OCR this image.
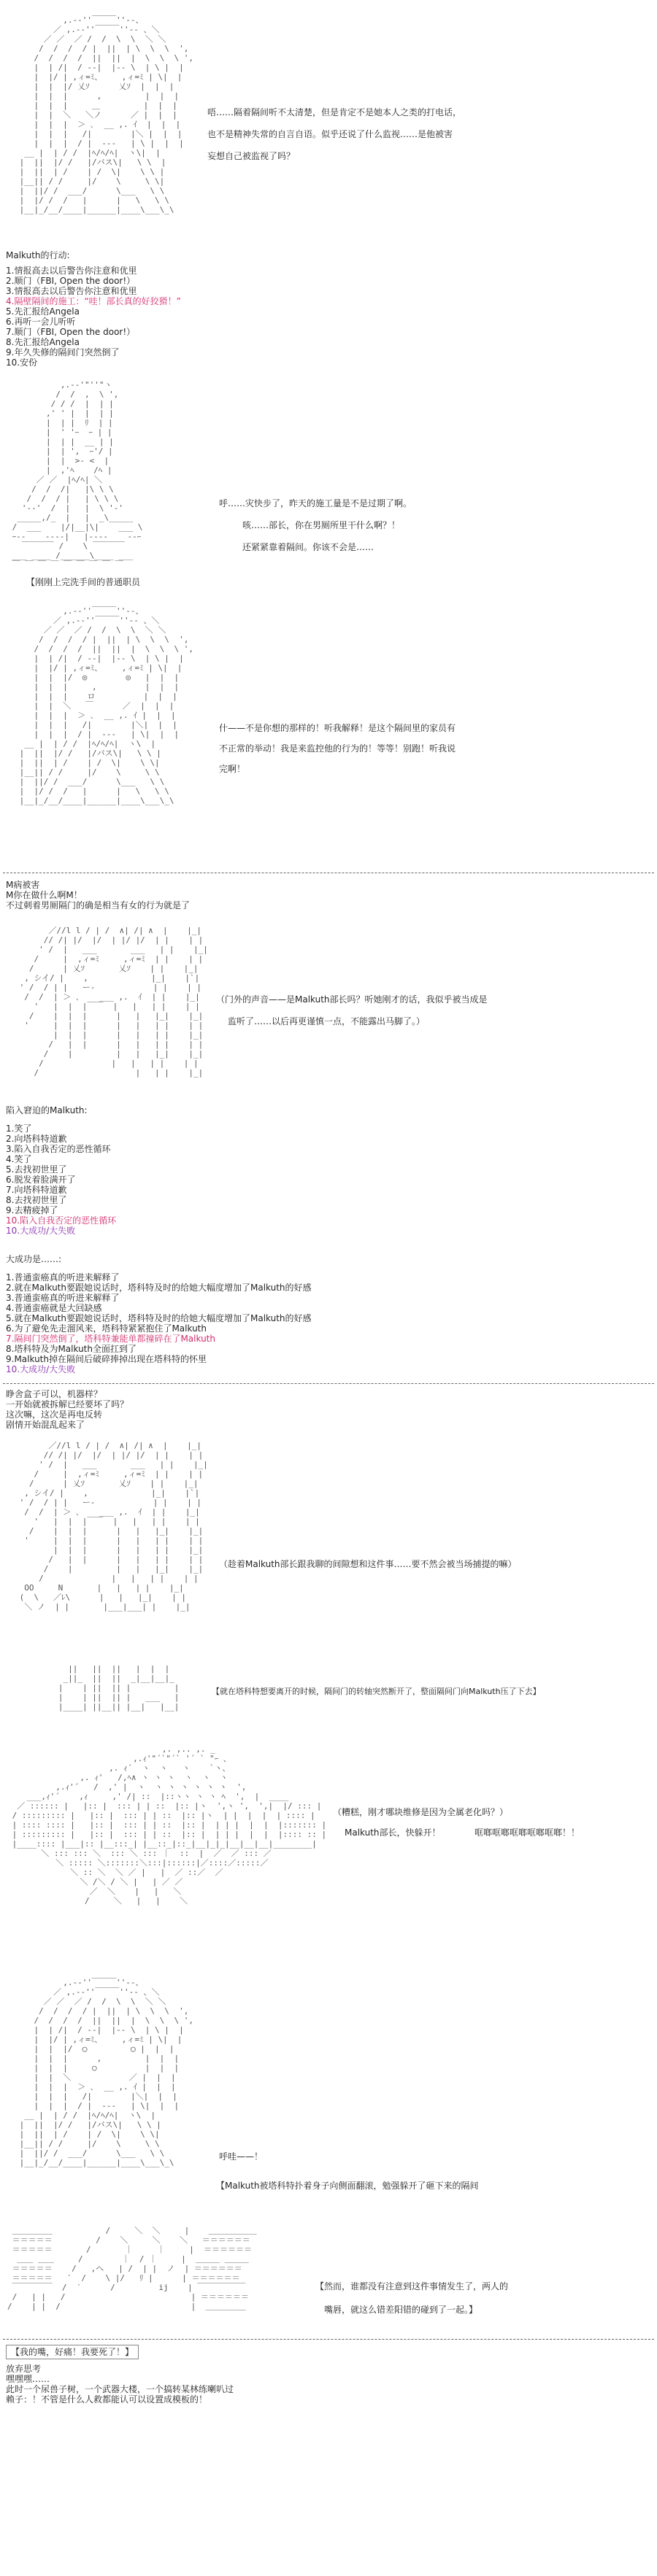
,.-‐''￣￣￣''‐-、
／ ,.-‐''￣￣￣''‐- 、＼
／ ／  ／ /  /  \  \  ＼ ＼
/  /  /  / |  ||  | \  \  \  ',
/  /  /  /  ||  ||  |  \  \  \ ',
|  | /|  / -‐|  |‐- \  | \ |  |
|  |/ | ,ィ=ﾐ、    ,ィ=ﾐ | \|  |
|  |  |/ 乂ｿ      乂ｿ  |  |  |
|  |  |      ,         |  |  |
|  |  |     ＿         |  |  |
|  |  ＼   ＼ノ      ／ |  |  |
|  |  |  ＞ ､  __ ,. ｲ  |  |  |
|  |  |   /|        |＼ |  |  |
|  |  |  / |  ---   | \ |  |  |
__ |  | / /  |ﾍ/ﾍ/ﾍ|  ヽ\|  |
|  ||  |/ /   |/バス\|   \ \  |
|  ||  | /    | /  \|    \ \ |
|__|| / /     |/    \     \ \|
|  ||/ /  ___/      \___   \ \
|  |/ /  /   |      |   \   \ \
|__|_/__/____|______|____\___\_\

唔……隔着隔间听不太清楚，但是肯定不是她本人之类的打电话，
也不是精神失常的自言自语。似乎还说了什么监视……是他被害
妄想自己被监视了吗？
Malkuth的行动:
1.情报高去以后警告你注意和优里
2.顺门（FBI, Open the door!）
3.情报高去以后警告你注意和优里
4.隔壁隔间的施工：“哇！部长真的好狡猾！”
5.先汇报给Angela
6.再听一会儿听听
7.顺门（FBI, Open the door!）
8.先汇报给Angela
9.年久失修的隔间门突然倒了
10.安份
,.-‐'"''"ヽ
/  /  ,  \ ',
/ / /  |  | |
,' ' |  |  | |
|  | |  ﾘ  | |
|  ' 'ｰ  ｰ | |
|  | |  __ | |
|  | ',  ｰ'/ |
|  |  >- <  |
|  ,'ﾍ    /ﾍ |
／ ／  |ﾍ/ﾍ| ＼
/  /  /|   |\ \ \
/  /  / |   | \ \ \
'-‐'  /  |   |  \ '-'
_____,/_  |   |  _\_____
/  ___    |/|__|\|    ___ \
ｰ--    ‐‐--|   |--‐‐    --ｰ
￣￣￣￣ /    \ ￣￣￣￣
___ ____ /______\____ ___
￣ ￣ ￣ ￣ ￣ ￣ ￣ ￣ ￣

呼……灾快步了，昨天的施工量是不是过期了啊。
咳……部长，你在男厕所里干什么啊？！
还紧紧靠着隔间。你该不会是……
【刚刚上完洗手间的普通职员
,.-‐''￣￣￣''‐-、
／ ,.-‐''￣￣￣''‐- 、＼
／ ／  ／ /  /  \  \  ＼ ＼
/  /  /  / |  ||  | \  \  \  ',
/  /  /  /  ||  ||  |  \  \  \ ',
|  | /|  / -‐|  |‐- \  | \ |  |
|  |/ | ,ィ=ﾐ、    ,ィ=ﾐ | \|  |
|  |  |/  ◎        ◎   |  |  |
|  |  |     ,          |  |  |
|  |  |    ロ          |  |  |
|  |  ＼   ￣      ／  |  |  |
|  |  |  ＞ ､  __ ,. ｲ |  |  |
|  |  |   /|        |＼|  |  |
|  |  |  / |  ---   | \|  |  |
__ |  | / /  |ﾍ/ﾍ/ﾍ|  ヽ\  |
|  ||  |/ /   |/バス\|   \ \ |
|  ||  | /    | /  \|    \ \|
|__|| / /     |/    \     \ \
|  ||/ /  ___/      \___   \ \
|  |/ /  /   |      |   \   \ \
|__|_/__/____|______|____\___\_\

什——不是你想的那样的！听我解释！是这个隔间里的家员有
不正常的举动！我是来监控他的行为的！等等！别跑！听我说
完啊！
M病被害
M你在做什么啊M！
不过刺着男厕隔门的确是相当有女的行为就是了
／//l l / | /  ∧| /| ∧  |    |_|
// /| |/  |/  | |/ |/  | |    | |
' /  |   ___       ___   | |    |_|
/     |  ,ィ=ﾐ     ,ィ=ﾐ  | |    | |
/      | 乂ｿ       乂ｿ    | |    |_|
, シイ/ |    ,             |_|    |`|
' /  / | |   ー‐            | |    | |
/  /  | ＞ ､    ___ ,.  ｲ  | |    |_|
'   |  |  |￣￣  |   |   | |    | |
/    |  |  |      |   |   |_|    |_|
'     |  |  |      |   |   | |    | |
|  |  |      |   |   | |    |_|
/   |  |      |   |   | |    | |
/    |         |   |   |_|    |_|
/              |   |   | |    | |
/                    |   | |    |_|

（门外的声音——是Malkuth部长吗？听她刚才的话，我似乎被当成是
监听了……以后再更谨慎一点，不能露出马脚了。）
陷入窘迫的Malkuth:
1.笑了
2.向塔科特道歉
3.陷入自我否定的恶性循环
4.笑了
5.去找初世里了
6.脱发着脸满开了
7.向塔科特道歉
8.去找初世里了
9.去精疲掉了
10.陷入自我否定的恶性循环
10.大成功/大失败
大成功是……:
1.普通蛮癌真的听进来解释了
2.就在Malkuth要跟她说话时，塔科特及时的给她大幅度增加了Malkuth的好感
3.普通蛮癌真的听进来解释了
4.普通蛮癌就是大回缺感
5.就在Malkuth要跟她说话时，塔科特及时的给她大幅度增加了Malkuth的好感
6.为了避免先走溜风来，塔科特紧紧抱住了Malkuth
7.隔间门突然倒了，塔科特兼能单都撞碎在了Malkuth
8.塔科特及为Malkuth全面扛到了
9.Malkuth掉在隔间后破碎捧掉出现在塔科特的怀里
10.大成功/大失败
睁舍盒子可以，机器样？
一开始就被拆解已经要坏了吗？
这次嘛，这次是再电反转
剧情开始混乱起来了
／//l l / | /  ∧| /| ∧  |    |_|
// /| |/  |/  | |/ |/  | |    | |
' /  |   ___       ___   | |    |_|
/     |  ,ィ=ﾐ     ,ィ=ﾐ  | |    | |
/      | 乂ｿ       乂ｿ    | |    |_|
, シイ/ |    ,             |_|    |`|
' /  / | |   ー‐            | |    | |
/  /  | ＞ ､    ___ ,.  ｲ  | |    |_|
'   |  |  |￣￣  |   |   | |    | |
/    |  |  |      |   |   |_|    |_|
'     |  |  |      |   |   | |    | |
|  |  |      |   |   | |    |_|
/   |  |      |   |   | |    | |
/    |         |   |   |_|    |_|
/              |   |   | |    | |
OO     N       |   |   | |    |_|
(  \   ／ﾚ\      |   |   |_|    | |
＼ ノ  | |       |___|___| |    |_|

（趁着Malkuth部长跟我聊的间隙想和这件事……要不然会被当场捕提的嘛）
||   ||  ||   |  |  |
_||_  ||  ||  _|__|__|_
|    | ||  || |         |
|    | ||  || |   ___   |
|____| ||__|| |__|   |__|

【就在塔科特想要离开的时候，隔间门的转轴突然断开了，整面隔间门向Malkuth压了下去】
,. ,.. ,. _
,.ｨ'"´`"´` '´ ` "ｰ 、
,. ｨ´  ヽ  ヽ   ヽ    `ヽ、
,. ｨ'   /,ﾍ∧ ヽ ヽ ヽ  ヽ  ヽ  ヽ
,.ｨ'´   /  ,' |  ヽ  ヽ ヽ ヽ ヽ ヽ ヽ  ',
___,ｨ'´    ,ｨ     ,' /| ::  |::ヽヽ ヽ ヽ ﾍ  ',  |  ____
／ :::::: |   |:: |  ::: | | ::  |:: |ヽ  ',ヽ ',  ',|  |/ ::: |
/ ::::::::: |   |:: |  ::: | | ::  |:: |ヽ  | |  |  |  | :::: |
| :::: :::: |   |:: |  ::: | | ::  |:: |  | | |  |  |  |::::::: |
| ::::::::: |   |:: |  ::: | | ::  |:: |  | | |  |  |  |:::: :: |
|____:::: |___|:: |__:::_| |__::_|::_|__|_|_|__|__|__|________|
＼ ::: ::: ＼  ::: ＼ ::: ｜  ::  |  ／  ／ ::: ／
＼ ::::: ＼:::::::＼:::|::::::|／::::／:::::／
＼ :: ＼  ＼ ／ |   |  ／ ::／  ／
＼ /＼ / ＼ |   | ／ ／
／  ＼    |   |   ＼
/     ＼   |   |    ＼

（糟糕，刚才哪块维修是因为全属老化吗？）
Malkuth部长，快躲开！	哐啷哐啷哐啷哐啷哐啷！！
,.-‐''￣￣￣''‐-、
／ ,.-‐''￣￣￣''‐- 、＼
／ ／  ／ /  /  \  \  ＼ ＼
/  /  /  / |  ||  | \  \  \  ',
/  /  /  /  ||  ||  |  \  \  \ ',
|  | /|  / -‐|  |‐- \  | \ |  |
|  |/ | ,ィ=ﾐ、    ,ィ=ﾐ | \|  |
|  |  |/  ◯         ◯ |  |  |
|  |  |      ,         |  |  |
|  |  |     ○          |  |  |
|  |  ＼            ／ |  |  |
|  |  |  ＞ ､  __ ,. ｲ |  |  |
|  |  |   /|        |＼|  |  |
|  |  |  / |  ---   | \|  |  |
__ |  | / /  |ﾍ/ﾍ/ﾍ|  ヽ\  |
|  ||  |/ /   |/バス\|   \ \ |
|  ||  | /    | /  \|    \ \|
|__|| / /     |/    \     \ \
|  ||/ /  ___/      \___   \ \
|__|_/__/____|______|____\___\_\

呼哇——！
【Malkuth被塔科特扑着身子向侧面翻滚，勉强躲开了砸下来的隔间
＿＿＿＿＿           /     ＼  ＼     |    ＿＿＿＿＿＿
＝＝＝＝＝         /    ＼     ＼    ＼   ＝＝＝＝＝＝
＝＝＝＝＝       /       ｜     ｜     |  ＝＝＝＝＝＝
＿＿ ＿＿     /        ｜  / ｜     |  ＿＿＿ ＿＿＿
＝＝＝＝＝    /   ,へ   | /  | |  ノ  | ＝＝＝＝＝＝
＝＝＝＝＝   ′  /    \ |/   ﾘ |      | ＝＝＝＝＝＝
￣￣￣￣￣  /  ′      /         ij    | ￣￣￣￣￣￣
/   | |   /                          | ＝＝＝＝＝＝
/    | |  /                           |  ＿＿＿＿＿

【然而，谁都没有注意到这件事情发生了，两人的
嘴唇，就这么错差阳错的碰到了一起。】
【我的嘴，好痛！我要死了！】
放弃思考
嘿嘿嘿……
此时一个尿兽子树，一个武器大楼，一个搞转某林练喇叭过
赖子：！不管是什么人救都能认可以设置成模板的！
